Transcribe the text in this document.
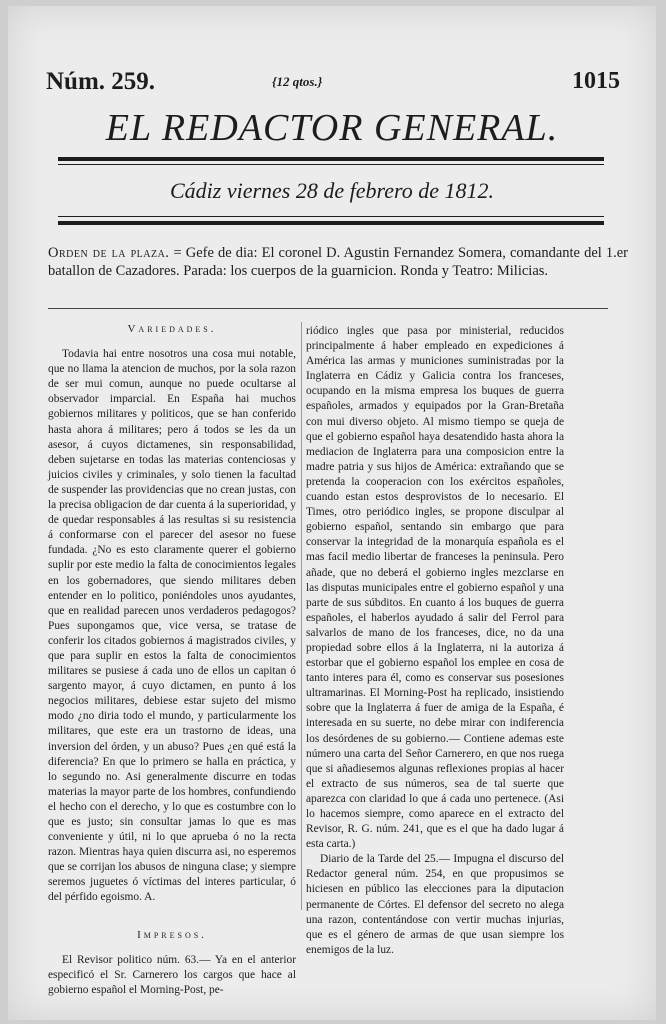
Núm. 259.	{12 qtos.}	1015
EL REDACTOR GENERAL.
Cádiz viernes 28 de febrero de 1812.
Orden de la plaza. = Gefe de dia: El coronel D. Agustin Fernandez Somera, comandante del 1.er batallon de Cazadores. Parada: los cuerpos de la guarnicion. Ronda y Teatro: Milicias.
Variedades.

Todavia hai entre nosotros una cosa mui notable, que no llama la atencion de muchos, por la sola razon de ser mui comun, aunque no puede ocultarse al observador imparcial. En España hai muchos gobiernos militares y politicos, que se han conferido hasta ahora á militares; pero á todos se les da un asesor, á cuyos dictamenes, sin responsabilidad, deben sujetarse en todas las materias contenciosas y juicios civiles y criminales, y solo tienen la facultad de suspender las providencias que no crean justas, con la precisa obligacion de dar cuenta á la superioridad, y de quedar responsables á las resultas si su resistencia á conformarse con el parecer del asesor no fuese fundada. ¿No es esto claramente querer el gobierno suplir por este medio la falta de conocimientos legales en los gobernadores, que siendo militares deben entender en lo politico, poniéndoles unos ayudantes, que en realidad parecen unos verdaderos pedagogos? Pues supongamos que, vice versa, se tratase de conferir los citados gobiernos á magistrados civiles, y que para suplir en estos la falta de conocimientos militares se pusiese á cada uno de ellos un capitan ó sargento mayor, á cuyo dictamen, en punto á los negocios militares, debiese estar sujeto del mismo modo ¿no diria todo el mundo, y particularmente los militares, que este era un trastorno de ideas, una inversion del órden, y un abuso? Pues ¿en qué está la diferencia? En que lo primero se halla en práctica, y lo segundo no. Asi generalmente discurre en todas materias la mayor parte de los hombres, confundiendo el hecho con el derecho, y lo que es costumbre con lo que es justo; sin consultar jamas lo que es mas conveniente y útil, ni lo que aprueba ó no la recta razon. Mientras haya quien discurra asi, no esperemos que se corrijan los abusos de ninguna clase; y siempre seremos juguetes ó víctimas del interes particular, ó del pérfido egoismo. A.

Impresos.

El Revisor politico núm. 63.— Ya en el anterior especificó el Sr. Carnerero los cargos que hace al gobierno español el Morning-Post, pe-

riódico ingles que pasa por ministerial, reducidos principalmente á haber empleado en expediciones á América las armas y municiones suministradas por la Inglaterra en Cádiz y Galicia contra los franceses, ocupando en la misma empresa los buques de guerra españoles, armados y equipados por la Gran-Bretaña con mui diverso objeto. Al mismo tiempo se queja de que el gobierno español haya desatendido hasta ahora la mediacion de Inglaterra para una composicion entre la madre patria y sus hijos de América: extrañando que se pretenda la cooperacion con los exércitos españoles, cuando estan estos desprovistos de lo necesario. El Times, otro periódico ingles, se propone disculpar al gobierno español, sentando sin embargo que para conservar la integridad de la monarquía española es el mas facil medio libertar de franceses la peninsula. Pero añade, que no deberá el gobierno ingles mezclarse en las disputas municipales entre el gobierno español y una parte de sus súbditos. En cuanto á los buques de guerra españoles, el haberlos ayudado á salir del Ferrol para salvarlos de mano de los franceses, dice, no da una propiedad sobre ellos á la Inglaterra, ni la autoriza á estorbar que el gobierno español los emplee en cosa de tanto interes para él, como es conservar sus posesiones ultramarinas. El Morning-Post ha replicado, insistiendo sobre que la Inglaterra á fuer de amiga de la España, é interesada en su suerte, no debe mirar con indiferencia los desórdenes de su gobierno.— Contiene ademas este número una carta del Señor Carnerero, en que nos ruega que si añadiesemos algunas reflexiones propias al hacer el extracto de sus números, sea de tal suerte que aparezca con claridad lo que á cada uno pertenece. (Asi lo hacemos siempre, como aparece en el extracto del Revisor, R. G. núm. 241, que es el que ha dado lugar á esta carta.)

Diario de la Tarde del 25.— Impugna el discurso del Redactor general núm. 254, en que propusimos se hiciesen en público las elecciones para la diputacion permanente de Córtes. El defensor del secreto no alega una razon, contentándose con vertir muchas injurias, que es el género de armas de que usan siempre los enemigos de la luz.
